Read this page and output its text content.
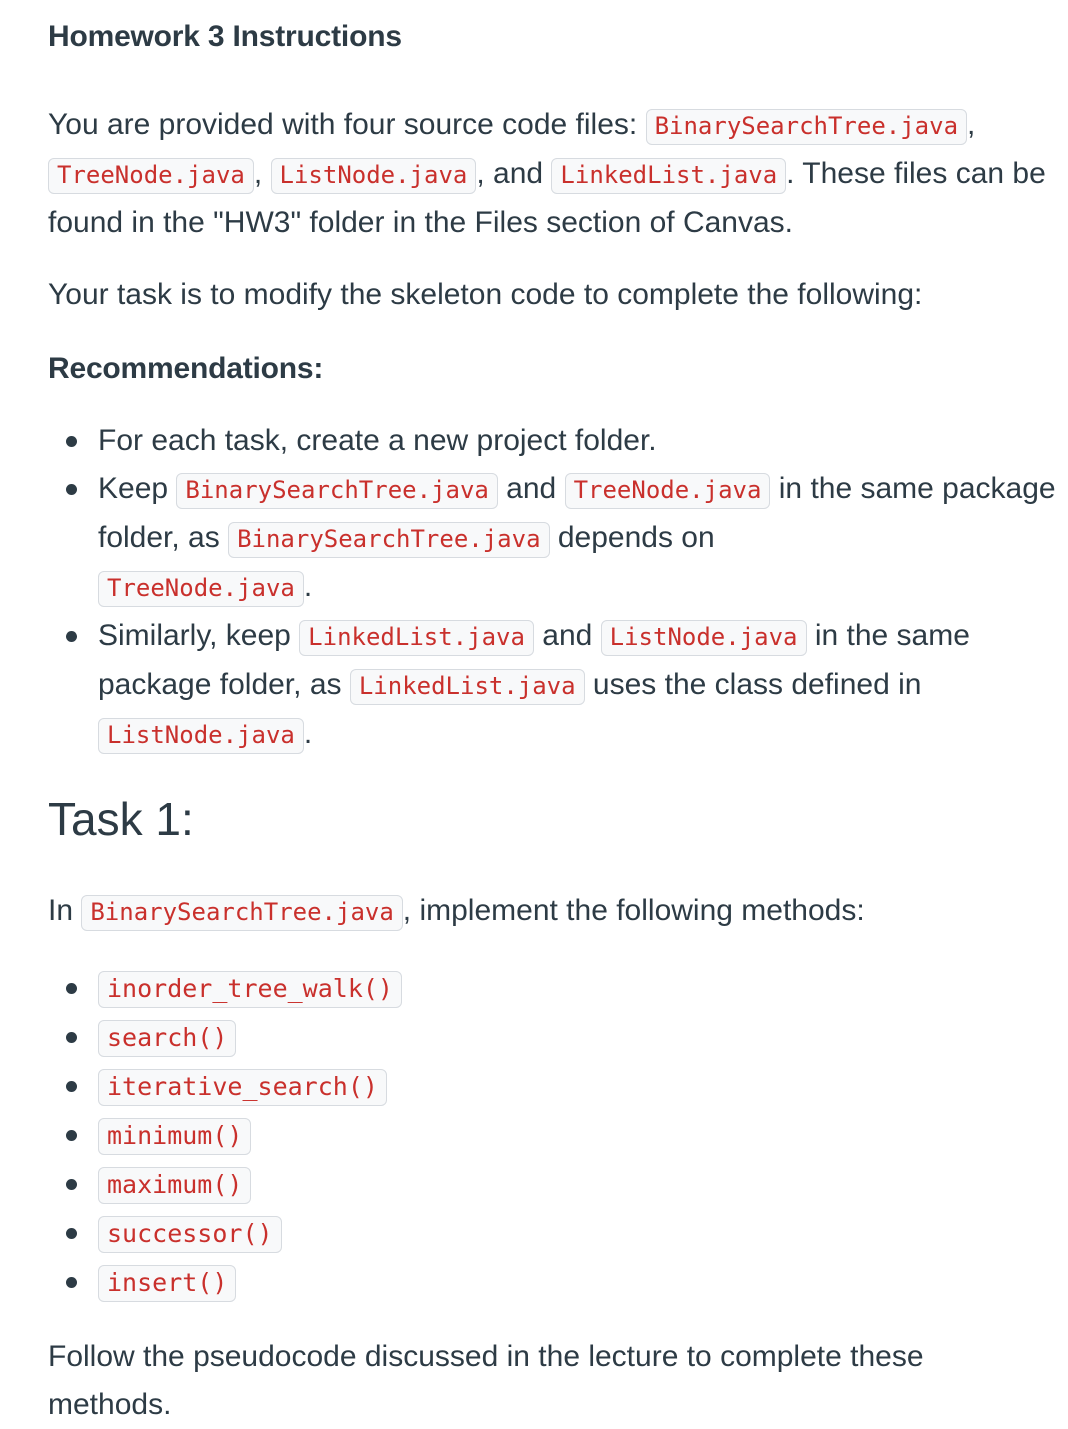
Homework 3 Instructions

You are provided with four source code files: BinarySearchTree.java ,
TreeNode.java , ListNode.java , and LinkedList.java . These files can be found in the "HW3" folder in the Files section of Canvas.

Your task is to modify the skeleton code to complete the following:

Recommendations:
For each task, create a new project folder.
Keep BinarySearchTree.java and TreeNode.java in the same package folder, as BinarySearchTree.java depends on
TreeNode.java .
Similarly, keep LinkedList.java and ListNode.java in the same package folder, as LinkedList.java uses the class defined in
ListNode.java .
Task 1:

In BinarySearchTree.java , implement the following methods:

inorder_tree_walk()
search()
iterative_search()
minimum()
maximum()
successor()
insert()

Follow the pseudocode discussed in the lecture to complete these methods.
